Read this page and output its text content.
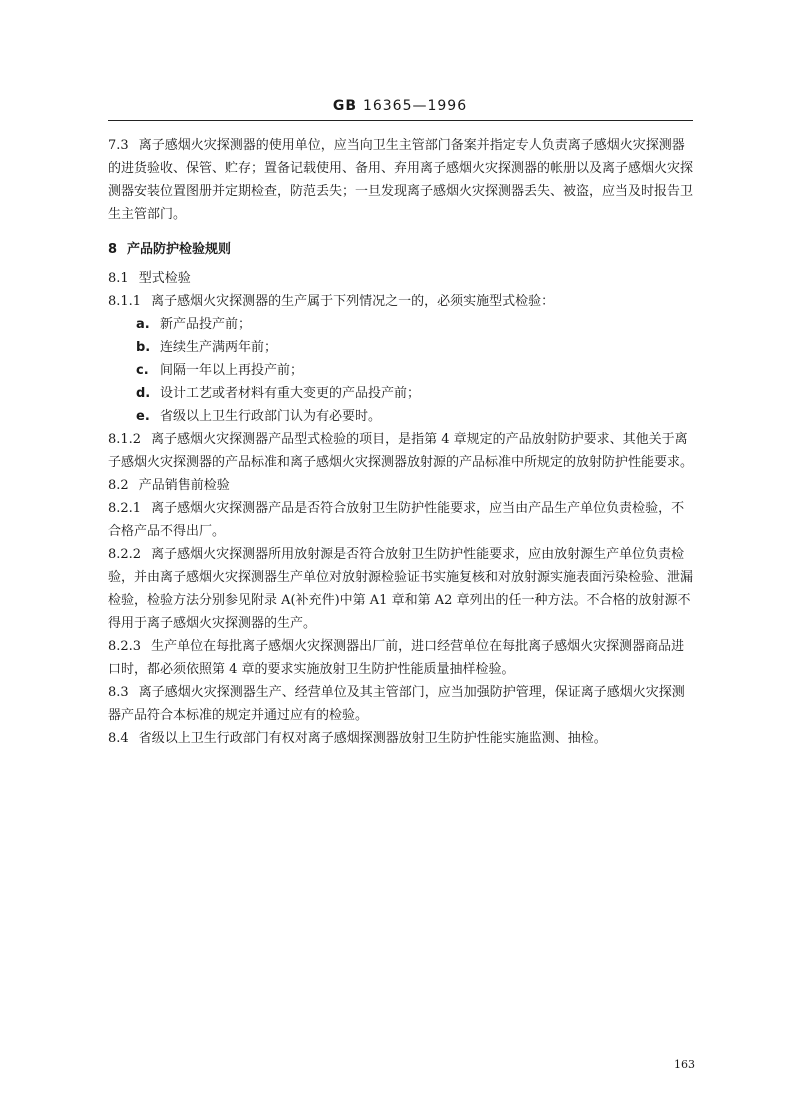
GB 16365—1996

7.3 离子感烟火灾探测器的使用单位，应当向卫生主管部门备案并指定专人负责离子感烟火灾探测器的进货验收、保管、贮存；置备记载使用、备用、弃用离子感烟火灾探测器的帐册以及离子感烟火灾探测器安装位置图册并定期检查，防范丢失；一旦发现离子感烟火灾探测器丢失、被盗，应当及时报告卫生主管部门。

8 产品防护检验规则

8.1 型式检验

8.1.1 离子感烟火灾探测器的生产属于下列情况之一的，必须实施型式检验：

a. 新产品投产前；
b. 连续生产满两年前；
c. 间隔一年以上再投产前；
d. 设计工艺或者材料有重大变更的产品投产前；
e. 省级以上卫生行政部门认为有必要时。

8.1.2 离子感烟火灾探测器产品型式检验的项目，是指第 4 章规定的产品放射防护要求、其他关于离子感烟火灾探测器的产品标准和离子感烟火灾探测器放射源的产品标准中所规定的放射防护性能要求。

8.2 产品销售前检验

8.2.1 离子感烟火灾探测器产品是否符合放射卫生防护性能要求，应当由产品生产单位负责检验，不合格产品不得出厂。

8.2.2 离子感烟火灾探测器所用放射源是否符合放射卫生防护性能要求，应由放射源生产单位负责检验，并由离子感烟火灾探测器生产单位对放射源检验证书实施复核和对放射源实施表面污染检验、泄漏检验，检验方法分别参见附录 A(补充件)中第 A1 章和第 A2 章列出的任一种方法。不合格的放射源不得用于离子感烟火灾探测器的生产。

8.2.3 生产单位在每批离子感烟火灾探测器出厂前，进口经营单位在每批离子感烟火灾探测器商品进口时，都必须依照第 4 章的要求实施放射卫生防护性能质量抽样检验。

8.3 离子感烟火灾探测器生产、经营单位及其主管部门，应当加强防护管理，保证离子感烟火灾探测器产品符合本标准的规定并通过应有的检验。

8.4 省级以上卫生行政部门有权对离子感烟探测器放射卫生防护性能实施监测、抽检。

163
